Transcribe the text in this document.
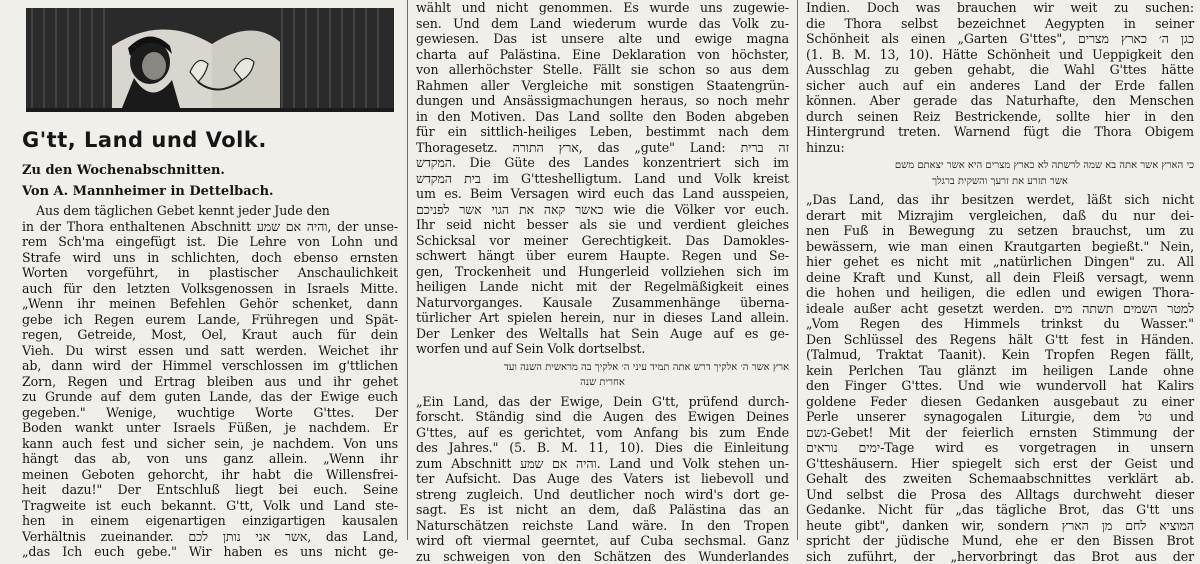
G'tt, Land und Volk.
Zu den Wochenabschnitten.
Von A. Mannheimer in Dettelbach.
Aus dem täglichen Gebet kennt jeder Jude den
in der Thora enthaltenen Abschnitt והיה אם שמע, der unse-
rem Sch'ma eingefügt ist. Die Lehre von Lohn und
Strafe wird uns in schlichten, doch ebenso ernsten
Worten vorgeführt, in plastischer Anschaulichkeit
auch für den letzten Volksgenossen in Israels Mitte.
„Wenn ihr meinen Befehlen Gehör schenket, dann
gebe ich Regen eurem Lande, Frühregen und Spät-
regen, Getreide, Most, Oel, Kraut auch für dein
Vieh. Du wirst essen und satt werden. Weichet ihr
ab, dann wird der Himmel verschlossen im g'ttlichen
Zorn, Regen und Ertrag bleiben aus und ihr gehet
zu Grunde auf dem guten Lande, das der Ewige euch
gegeben." Wenige, wuchtige Worte G'ttes. Der
Boden wankt unter Israels Füßen, je nachdem. Er
kann auch fest und sicher sein, je nachdem. Von uns
hängt das ab, von uns ganz allein. „Wenn ihr
meinen Geboten gehorcht, ihr habt die Willensfrei-
heit dazu!" Der Entschluß liegt bei euch. Seine
Tragweite ist euch bekannt. G'tt, Volk und Land ste-
hen in einem eigenartigen einzigartigen kausalen
Verhältnis zueinander. אשר אני נותן לכם, das Land,
„das Ich euch gebe." Wir haben es uns nicht ge-
wählt und nicht genommen. Es wurde uns zugewie-
sen. Und dem Land wiederum wurde das Volk zu-
gewiesen. Das ist unsere alte und ewige magna
charta auf Palästina. Eine Deklaration von höchster,
von allerhöchster Stelle. Fällt sie schon so aus dem
Rahmen aller Vergleiche mit sonstigen Staatengrün-
dungen und Ansässigmachungen heraus, so noch mehr
in den Motiven. Das Land sollte den Boden abgeben
für ein sittlich-heiliges Leben, bestimmt nach dem
Thoragesetz. ארץ התורה, das „gute" Land: זה ברית
המקדש. Die Güte des Landes konzentriert sich im
בית המקדש im G'tteshelligtum. Land und Volk kreist
um es. Beim Versagen wird euch das Land ausspeien,
כאשר קאה את הגוי אשר לפניכם wie die Völker vor euch.
Ihr seid nicht besser als sie und verdient gleiches
Schicksal vor meiner Gerechtigkeit. Das Damokles-
schwert hängt über eurem Haupte. Regen und Se-
gen, Trockenheit und Hungerleid vollziehen sich im
heiligen Lande nicht mit der Regelmäßigkeit eines
Naturvorganges. Kausale Zusammenhänge überna-
türlicher Art spielen herein, nur in dieses Land allein.
Der Lenker des Weltalls hat Sein Auge auf es ge-
worfen und auf Sein Volk dortselbst.
ארץ אשר ה׳ אלקיך דרש אתה תמיד עיני ה׳ אלקיך בה מראשית השנה ועד
אחרית שנה
„Ein Land, das der Ewige, Dein G'tt, prüfend durch-
forscht. Ständig sind die Augen des Ewigen Deines
G'ttes, auf es gerichtet, vom Anfang bis zum Ende
des Jahres." (5. B. M. 11, 10). Dies die Einleitung
zum Abschnitt והיה אם שמע. Land und Volk stehen un-
ter Aufsicht. Das Auge des Vaters ist liebevoll und
streng zugleich. Und deutlicher noch wird's dort ge-
sagt. Es ist nicht an dem, daß Palästina das an
Naturschätzen reichste Land wäre. In den Tropen
wird oft viermal geerntet, auf Cuba sechsmal. Ganz
zu schweigen von den Schätzen des Wunderlandes
Indien. Doch was brauchen wir weit zu suchen:
die Thora selbst bezeichnet Aegypten in seiner
Schönheit als einen „Garten G'ttes", כגן ה׳ כארץ מצרים
(1. B. M. 13, 10). Hätte Schönheit und Ueppigkeit den
Ausschlag zu geben gehabt, die Wahl G'ttes hätte
sicher auch auf ein anderes Land der Erde fallen
können. Aber gerade das Naturhafte, den Menschen
durch seinen Reiz Bestrickende, sollte hier in den
Hintergrund treten. Warnend fügt die Thora Obigem
hinzu:
כי הארץ אשר אתה בא שמה לרשתה לא כארץ מצרים היא אשר יצאתם משם
אשר תזרע את זרעך והשקית ברגלך
„Das Land, das ihr besitzen werdet, läßt sich nicht
derart mit Mizrajim vergleichen, daß du nur dei-
nen Fuß in Bewegung zu setzen brauchst, um zu
bewässern, wie man einen Krautgarten begießt." Nein,
hier gehet es nicht mit „natürlichen Dingen" zu. All
deine Kraft und Kunst, all dein Fleiß versagt, wenn
die hohen und heiligen, die edlen und ewigen Thora-
ideale außer acht gesetzt werden. למטר השמים תשתה מים
„Vom Regen des Himmels trinkst du Wasser."
Den Schlüssel des Regens hält G'tt fest in Händen.
(Talmud, Traktat Taanit). Kein Tropfen Regen fällt,
kein Perlchen Tau glänzt im heiligen Lande ohne
den Finger G'ttes. Und wie wundervoll hat Kalirs
goldene Feder diesen Gedanken ausgebaut zu einer
Perle unserer synagogalen Liturgie, dem טל und
גשם-Gebet! Mit der feierlich ernsten Stimmung der
ימים נוראים-Tage wird es vorgetragen in unsern
G'tteshäusern. Hier spiegelt sich erst der Geist und
Gehalt des zweiten Schemaabschnittes verklärt ab.
Und selbst die Prosa des Alltags durchweht dieser
Gedanke. Nicht für „das tägliche Brot, das G'tt uns
heute gibt", danken wir, sondern המוציא לחם מן הארץ
spricht der jüdische Mund, ehe er den Bissen Brot
sich zuführt, der „hervorbringt das Brot aus der
